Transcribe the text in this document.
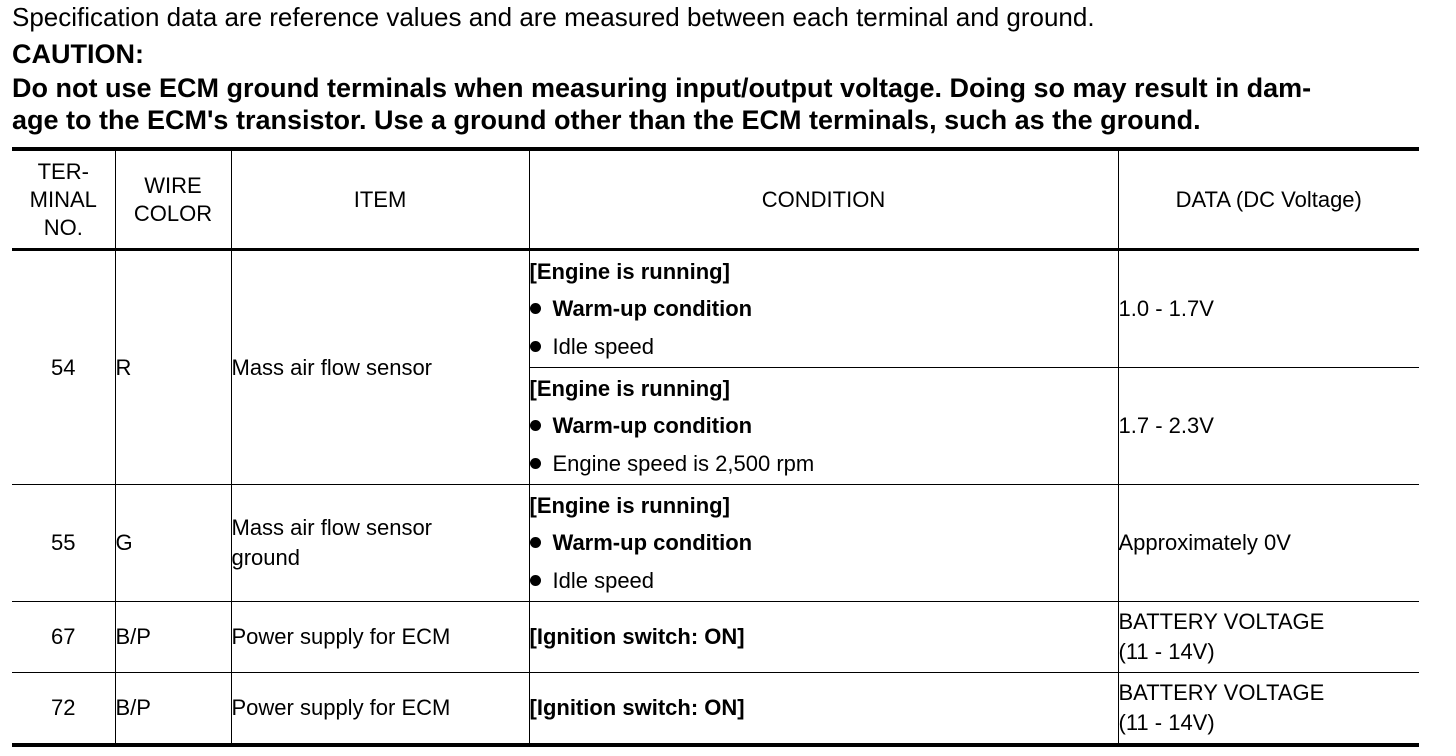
Specification data are reference values and are measured between each terminal and ground.
CAUTION:
Do not use ECM ground terminals when measuring input/output voltage. Doing so may result in dam-
age to the ECM's transistor. Use a ground other than the ECM terminals, such as the ground.
TER-
MINAL
NO.	WIRE
COLOR	ITEM	CONDITION	DATA (DC Voltage)
54	R	Mass air flow sensor	[Engine is running]
Warm-up condition
Idle speed	1.0 - 1.7V

			[Engine is running]
Warm-up condition
Engine speed is 2,500 rpm	1.7 - 2.3V
55	G	Mass air flow sensor
ground	[Engine is running]
Warm-up condition
Idle speed	Approximately 0V
67	B/P	Power supply for ECM	[Ignition switch: ON]	BATTERY VOLTAGE
(11 - 14V)
72	B/P	Power supply for ECM	[Ignition switch: ON]	BATTERY VOLTAGE
(11 - 14V)
